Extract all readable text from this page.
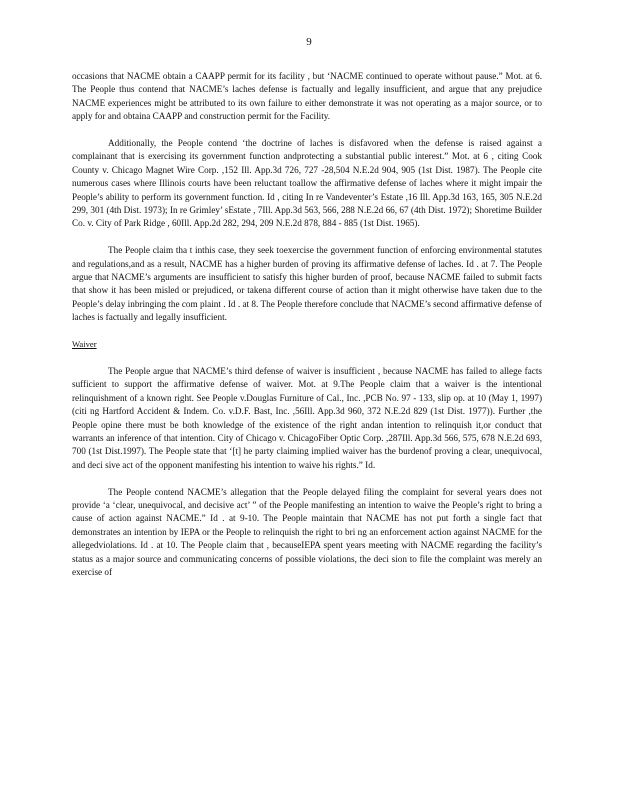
9

occasions that NACME obtain a CAAPP permit for its facility , but ‘NACME continued to operate without pause.” Mot. at 6. The People thus contend that NACME’s laches defense is factually and legally insufficient, and argue that any prejudice NACME experiences might be attributed to its own failure to either demonstrate it was not operating as a major source, or to apply for and obtaina CAAPP and construction permit for the Facility.

Additionally, the People contend ‘the doctrine of laches is disfavored when the defense is raised against a complainant that is exercising its government function andprotecting a substantial public interest.” Mot. at 6 , citing Cook County v. Chicago Magnet Wire Corp. ,152 Ill. App.3d 726, 727 -28,504 N.E.2d 904, 905 (1st Dist. 1987). The People cite numerous cases where Illinois courts have been reluctant toallow the affirmative defense of laches where it might impair the People’s ability to perform its government function. Id , citing In re Vandeventer’s Estate ,16 Ill. App.3d 163, 165, 305 N.E.2d 299, 301 (4th Dist. 1973); In re Grimley’ sEstate , 7Ill. App.3d 563, 566, 288 N.E.2d 66, 67 (4th Dist. 1972); Shoretime Builder Co. v. City of Park Ridge , 60Ill. App.2d 282, 294, 209 N.E.2d 878, 884 - 885 (1st Dist. 1965).

The People claim tha t inthis case, they seek toexercise the government function of enforcing environmental statutes and regulations,and as a result, NACME has a higher burden of proving its affirmative defense of laches. Id . at 7. The People argue that NACME’s arguments are insufficient to satisfy this higher burden of proof, because NACME failed to submit facts that show it has been misled or prejudiced, or takena different course of action than it might otherwise have taken due to the People’s delay inbringing the com plaint . Id . at 8. The People therefore conclude that NACME’s second affirmative defense of laches is factually and legally insufficient.

Waiver

The People argue that NACME’s third defense of waiver is insufficient , because NACME has failed to allege facts sufficient to support the affirmative defense of waiver. Mot. at 9.The People claim that a waiver is the intentional relinquishment of a known right. See People v.Douglas Furniture of Cal., Inc. ,PCB No. 97 - 133, slip op. at 10 (May 1, 1997) (citi ng Hartford Accident & Indem. Co. v.D.F. Bast, Inc. ,56Ill. App.3d 960, 372 N.E.2d 829 (1st Dist. 1977)). Further ,the People opine there must be both knowledge of the existence of the right andan intention to relinquish it,or conduct that warrants an inference of that intention. City of Chicago v. ChicagoFiber Optic Corp. ,287Ill. App.3d 566, 575, 678 N.E.2d 693, 700 (1st Dist.1997). The People state that ‘[t] he party claiming implied waiver has the burdenof proving a clear, unequivocal, and deci sive act of the opponent manifesting his intention to waive his rights.” Id.

The People contend NACME’s allegation that the People delayed filing the complaint for several years does not provide ‘a ‘clear, unequivocal, and decisive act’ ” of the People manifesting an intention to waive the People’s right to bring a cause of action against NACME.” Id . at 9-10. The People maintain that NACME has not put forth a single fact that demonstrates an intention by IEPA or the People to relinquish the right to bri ng an enforcement action against NACME for the allegedviolations. Id . at 10. The People claim that , becauseIEPA spent years meeting with NACME regarding the facility’s status as a major source and communicating concerns of possible violations, the deci sion to file the complaint was merely an exercise of
